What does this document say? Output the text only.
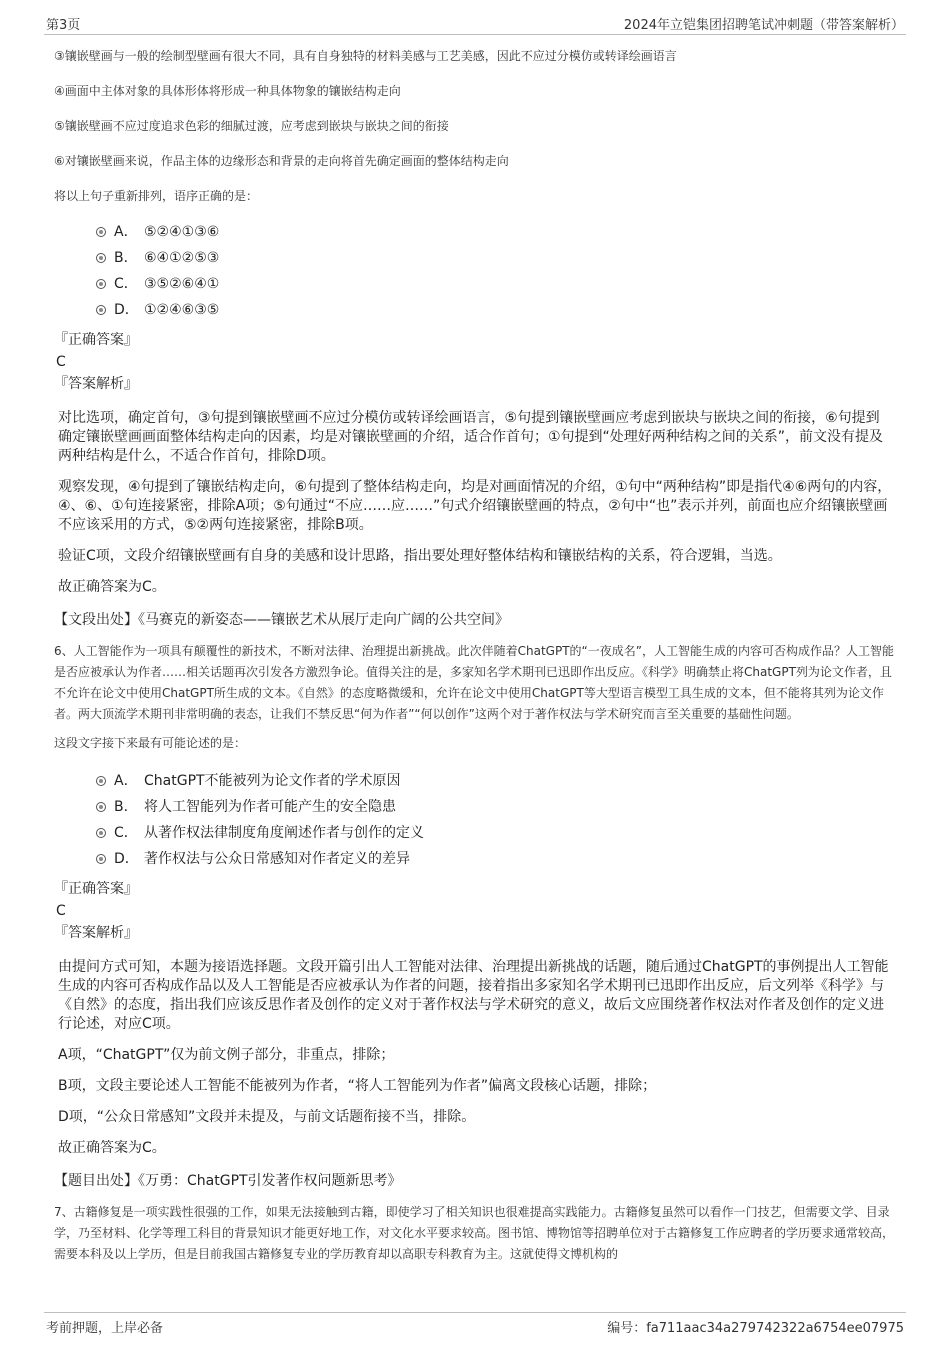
第3页	2024年立铠集团招聘笔试冲刺题（带答案解析）

③镶嵌壁画与一般的绘制型壁画有很大不同，具有自身独特的材料美感与工艺美感，因此不应过分模仿或转译绘画语言

④画面中主体对象的具体形体将形成一种具体物象的镶嵌结构走向

⑤镶嵌壁画不应过度追求色彩的细腻过渡，应考虑到嵌块与嵌块之间的衔接

⑥对镶嵌壁画来说，作品主体的边缘形态和背景的走向将首先确定画面的整体结构走向

将以上句子重新排列，语序正确的是：

A． ⑤②④①③⑥
B． ⑥④①②⑤③
C． ③⑤②⑥④①
D． ①②④⑥③⑤

『正确答案』

C

『答案解析』

对比选项，确定首句，③句提到镶嵌壁画不应过分模仿或转译绘画语言，⑤句提到镶嵌壁画应考虑到嵌块与嵌块之间的衔接，⑥句提到确定镶嵌壁画画面整体结构走向的因素，均是对镶嵌壁画的介绍，适合作首句；①句提到“处理好两种结构之间的关系”，前文没有提及两种结构是什么，不适合作首句，排除D项。

观察发现，④句提到了镶嵌结构走向，⑥句提到了整体结构走向，均是对画面情况的介绍，①句中“两种结构”即是指代④⑥两句的内容，④、⑥、①句连接紧密，排除A项；⑤句通过“不应……应……”句式介绍镶嵌壁画的特点，②句中“也”表示并列，前面也应介绍镶嵌壁画不应该采用的方式，⑤②两句连接紧密，排除B项。

验证C项，文段介绍镶嵌壁画有自身的美感和设计思路，指出要处理好整体结构和镶嵌结构的关系，符合逻辑，当选。

故正确答案为C。

【文段出处】《马赛克的新姿态——镶嵌艺术从展厅走向广阔的公共空间》

6、人工智能作为一项具有颠覆性的新技术，不断对法律、治理提出新挑战。此次伴随着ChatGPT的“一夜成名”，人工智能生成的内容可否构成作品？人工智能是否应被承认为作者……相关话题再次引发各方激烈争论。值得关注的是，多家知名学术期刊已迅即作出反应。《科学》明确禁止将ChatGPT列为论文作者，且不允许在论文中使用ChatGPT所生成的文本。《自然》的态度略微缓和，允许在论文中使用ChatGPT等大型语言模型工具生成的文本，但不能将其列为论文作者。两大顶流学术期刊非常明确的表态，让我们不禁反思“何为作者”“何以创作”这两个对于著作权法与学术研究而言至关重要的基础性问题。

这段文字接下来最有可能论述的是：

A． ChatGPT不能被列为论文作者的学术原因
B． 将人工智能列为作者可能产生的安全隐患
C． 从著作权法律制度角度阐述作者与创作的定义
D． 著作权法与公众日常感知对作者定义的差异

『正确答案』

C

『答案解析』

由提问方式可知，本题为接语选择题。文段开篇引出人工智能对法律、治理提出新挑战的话题，随后通过ChatGPT的事例提出人工智能生成的内容可否构成作品以及人工智能是否应被承认为作者的问题，接着指出多家知名学术期刊已迅即作出反应，后文列举《科学》与《自然》的态度，指出我们应该反思作者及创作的定义对于著作权法与学术研究的意义，故后文应围绕著作权法对作者及创作的定义进行论述，对应C项。

A项，“ChatGPT”仅为前文例子部分，非重点，排除；

B项，文段主要论述人工智能不能被列为作者，“将人工智能列为作者”偏离文段核心话题，排除；

D项，“公众日常感知”文段并未提及，与前文话题衔接不当，排除。

故正确答案为C。

【题目出处】《万勇：ChatGPT引发著作权问题新思考》

7、古籍修复是一项实践性很强的工作，如果无法接触到古籍，即使学习了相关知识也很难提高实践能力。古籍修复虽然可以看作一门技艺，但需要文学、目录学，乃至材料、化学等理工科目的背景知识才能更好地工作，对文化水平要求较高。图书馆、博物馆等招聘单位对于古籍修复工作应聘者的学历要求通常较高，需要本科及以上学历，但是目前我国古籍修复专业的学历教育却以高职专科教育为主。这就使得文博机构的

考前押题，上岸必备	编号：fa711aac34a279742322a6754ee07975
